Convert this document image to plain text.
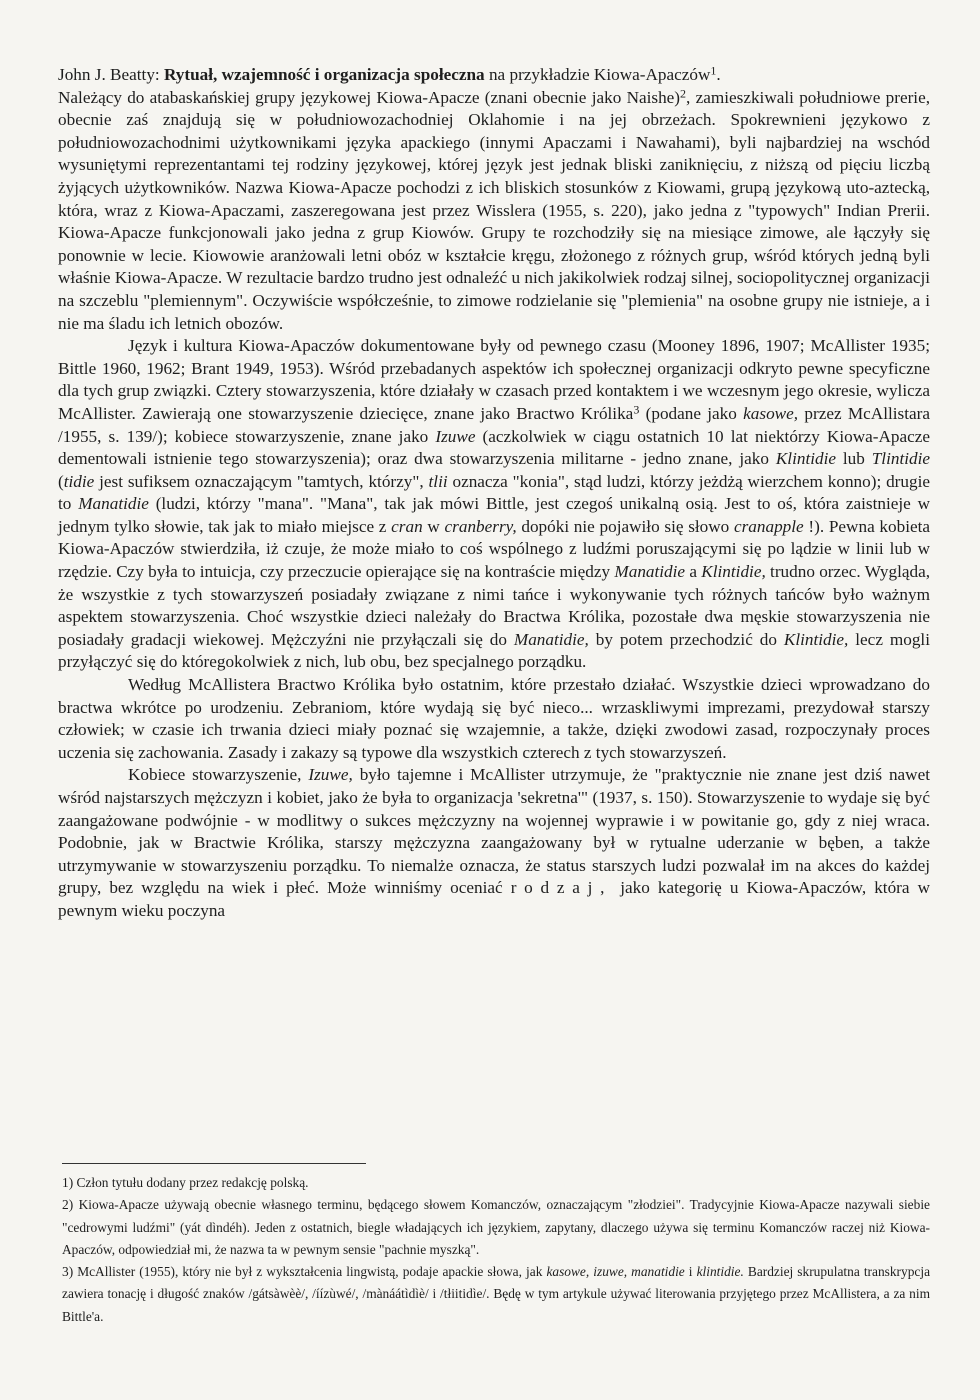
John J. Beatty: Rytuał, wzajemność i organizacja społeczna na przykładzie Kiowa-Apaczów$^1$.

Należący do atabaskańskiej grupy językowej Kiowa-Apacze (znani obecnie jako Naishe)$^2$, zamieszkiwali południowe prerie, obecnie zaś znajdują się w południowozachodniej Oklahomie i na jej obrzeżach. Spokrewnieni językowo z południowozachodnimi użytkownikami języka apackiego (innymi Apaczami i Nawahami), byli najbardziej na wschód wysuniętymi reprezentantami tej rodziny językowej, której język jest jednak bliski zaniknięciu, z niższą od pięciu liczbą żyjących użytkowników. Nazwa Kiowa-Apacze pochodzi z ich bliskich stosunków z Kiowami, grupą językową uto-aztecką, która, wraz z Kiowa-Apaczami, zaszeregowana jest przez Wisslera (1955, s. 220), jako jedna z "typowych" Indian Prerii. Kiowa-Apacze funkcjonowali jako jedna z grup Kiowów. Grupy te rozchodziły się na miesiące zimowe, ale łączyły się ponownie w lecie. Kiowowie aranżowali letni obóz w kształcie kręgu, złożonego z różnych grup, wśród których jedną byli właśnie Kiowa-Apacze. W rezultacie bardzo trudno jest odnaleźć u nich jakikolwiek rodzaj silnej, sociopolitycznej organizacji na szczeblu "plemiennym". Oczywiście współcześnie, to zimowe rodzielanie się "plemienia" na osobne grupy nie istnieje, a i nie ma śladu ich letnich obozów.

Język i kultura Kiowa-Apaczów dokumentowane były od pewnego czasu (Mooney 1896, 1907; McAllister 1935; Bittle 1960, 1962; Brant 1949, 1953). Wśród przebadanych aspektów ich społecznej organizacji odkryto pewne specyficzne dla tych grup związki. Cztery stowarzyszenia, które działały w czasach przed kontaktem i we wczesnym jego okresie, wylicza McAllister. Zawierają one stowarzyszenie dziecięce, znane jako Bractwo Królika$^3$ (podane jako kasowe, przez McAllistara /1955, s. 139/); kobiece stowarzyszenie, znane jako Izuwe (aczkolwiek w ciągu ostatnich 10 lat niektórzy Kiowa-Apacze dementowali istnienie tego stowarzyszenia); oraz dwa stowarzyszenia militarne - jedno znane, jako Klintidie lub Tlintidie (tidie jest sufiksem oznaczającym "tamtych, którzy", tlii oznacza "konia", stąd ludzi, którzy jeżdżą wierzchem konno); drugie to Manatidie (ludzi, którzy "mana". "Mana", tak jak mówi Bittle, jest czegoś unikalną osią. Jest to oś, która zaistnieje w jednym tylko słowie, tak jak to miało miejsce z cran w cranberry, dopóki nie pojawiło się słowo cranapple !). Pewna kobieta Kiowa-Apaczów stwierdziła, iż czuje, że może miało to coś wspólnego z ludźmi poruszającymi się po lądzie w linii lub w rzędzie. Czy była to intuicja, czy przeczucie opierające się na kontraście między Manatidie a Klintidie, trudno orzec. Wygląda, że wszystkie z tych stowarzyszeń posiadały związane z nimi tańce i wykonywanie tych różnych tańców było ważnym aspektem stowarzyszenia. Choć wszystkie dzieci należały do Bractwa Królika, pozostałe dwa męskie stowarzyszenia nie posiadały gradacji wiekowej. Mężczyźni nie przyłączali się do Manatidie, by potem przechodzić do Klintidie, lecz mogli przyłączyć się do któregokolwiek z nich, lub obu, bez specjalnego porządku.

Według McAllistera Bractwo Królika było ostatnim, które przestało działać. Wszystkie dzieci wprowadzano do bractwa wkrótce po urodzeniu. Zebraniom, które wydają się być nieco... wrzaskliwymi imprezami, prezydował starszy człowiek; w czasie ich trwania dzieci miały poznać się wzajemnie, a także, dzięki zwodowi zasad, rozpoczynały proces uczenia się zachowania. Zasady i zakazy są typowe dla wszystkich czterech z tych stowarzyszeń.

Kobiece stowarzyszenie, Izuwe, było tajemne i McAllister utrzymuje, że "praktycznie nie znane jest dziś nawet wśród najstarszych mężczyzn i kobiet, jako że była to organizacja 'sekretna'" (1937, s. 150). Stowarzyszenie to wydaje się być zaangażowane podwójnie - w modlitwy o sukces mężczyzny na wojennej wyprawie i w powitanie go, gdy z niej wraca. Podobnie, jak w Bractwie Królika, starszy mężczyzna zaangażowany był w rytualne uderzanie w bęben, a także utrzymywanie w stowarzyszeniu porządku. To niemalże oznacza, że status starszych ludzi pozwalał im na akces do każdej grupy, bez względu na wiek i płeć. Może winniśmy oceniać rodzaj, jako kategorię u Kiowa-Apaczów, która w pewnym wieku poczyna

1) Człon tytułu dodany przez redakcję polską.

2) Kiowa-Apacze używają obecnie własnego terminu, będącego słowem Komanczów, oznaczającym "złodziei". Tradycyjnie Kiowa-Apacze nazywali siebie "cedrowymi ludźmi" (yát dìndéh). Jeden z ostatnich, biegle władających ich językiem, zapytany, dlaczego używa się terminu Komanczów raczej niż Kiowa-Apaczów, odpowiedział mi, że nazwa ta w pewnym sensie "pachnie myszką".

3) McAllister (1955), który nie był z wykształcenia lingwistą, podaje apackie słowa, jak kasowe, izuwe, manatidie i klintidie. Bardziej skrupulatna transkrypcja zawiera tonację i długość znaków /gátsàwèè/, /íízùwé/, /mànáátìdìè/ i /tłiitidìe/. Będę w tym artykule używać literowania przyjętego przez McAllistera, a za nim Bittle'a.
